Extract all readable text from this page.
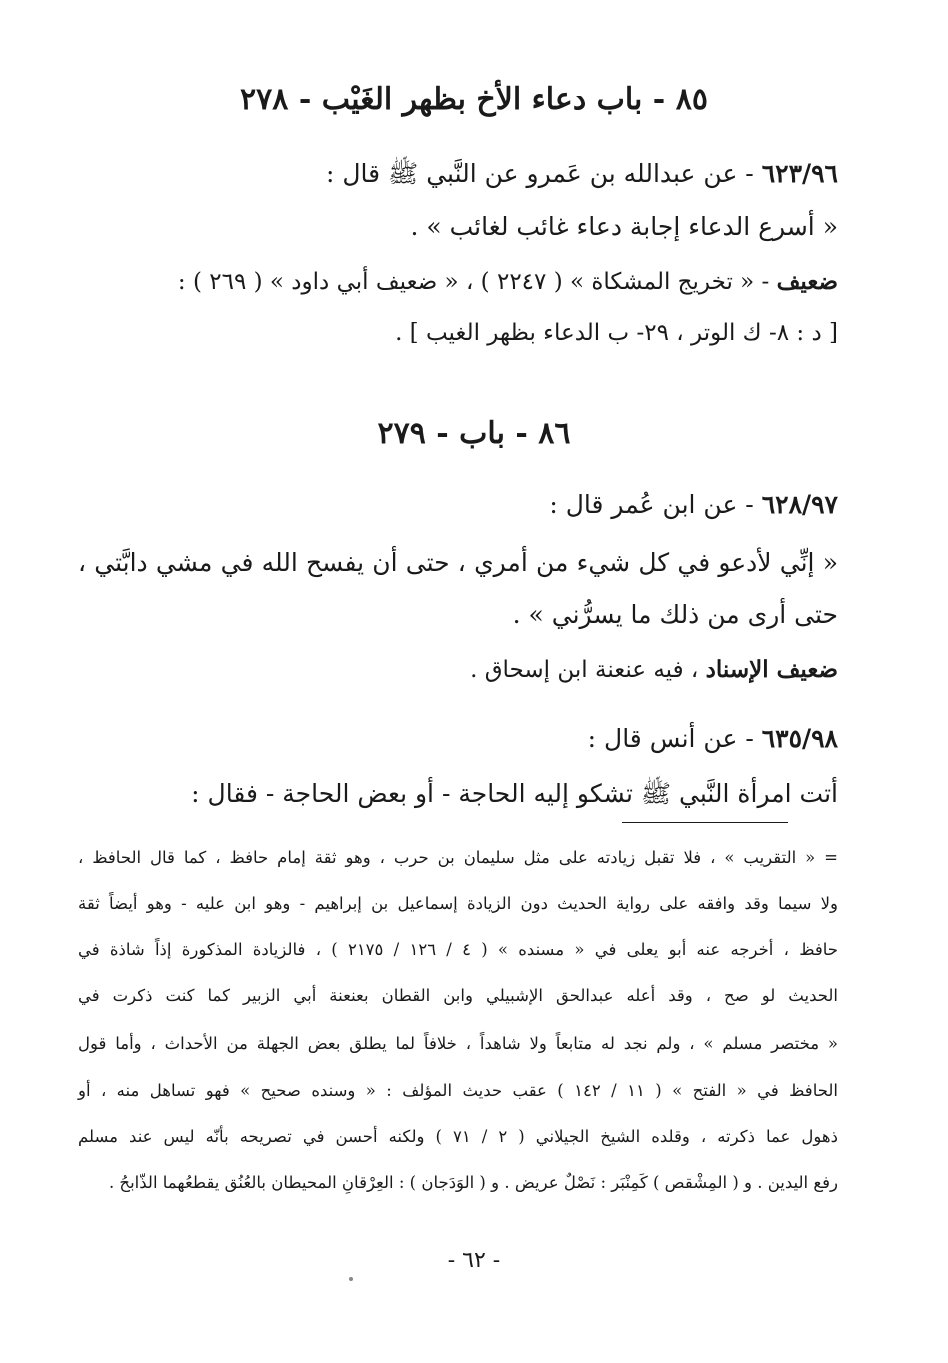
٨٥ - باب دعاء الأخ بظهر الغَيْب - ٢٧٨
٦٢٣/٩٦ - عن عبدالله بن عَمرو عن النَّبي ﷺ قال :
« أسرع الدعاء إجابة دعاء غائب لغائب » .
ضعيف - « تخريج المشكاة » ( ٢٢٤٧ ) ، « ضعيف أبي داود » ( ٢٦٩ ) :
[ د : ٨- ك الوتر ، ٢٩- ب الدعاء بظهر الغيب ] .
٨٦ - باب - ٢٧٩
٦٢٨/٩٧ - عن ابن عُمر قال :
« إنِّي لأدعو في كل شيء من أمري ، حتى أن يفسح الله في مشي دابَّتي ،
حتى أرى من ذلك ما يسرُّني » .
ضعيف الإسناد ، فيه عنعنة ابن إسحاق .
٦٣٥/٩٨ - عن أنس قال :
أتت امرأة النَّبي ﷺ تشكو إليه الحاجة - أو بعض الحاجة - فقال :
= « التقريب » ، فلا تقبل زيادته على مثل سليمان بن حرب ، وهو ثقة إمام حافظ ، كما قال الحافظ ،
ولا سيما وقد وافقه على رواية الحديث دون الزيادة إسماعيل بن إبراهيم - وهو ابن عليه - وهو أيضاً ثقة
حافظ ، أخرجه عنه أبو يعلى في « مسنده » ( ٤ / ١٢٦ / ٢١٧٥ ) ، فالزيادة المذكورة إذاً شاذة في
الحديث لو صح ، وقد أعله عبدالحق الإشبيلي وابن القطان بعنعنة أبي الزبير كما كنت ذكرت في
« مختصر مسلم » ، ولم نجد له متابعاً ولا شاهداً ، خلافاً لما يطلق بعض الجهلة من الأحداث ، وأما قول
الحافظ في « الفتح » ( ١١ / ١٤٢ ) عقب حديث المؤلف : « وسنده صحيح » فهو تساهل منه ، أو
ذهول عما ذكرته ، وقلده الشيخ الجيلاني ( ٢ / ٧١ ) ولكنه أحسن في تصريحه بأنّه ليس عند مسلم
رفع اليدين . و ( المِشْقص ) كَمِنْبَر : نَصْلٌ عريض . و ( الوَدَجان ) : العِرْقانِ المحيطان بالعُنُق يقطعُهما الذّابحُ .
- ٦٢ -
